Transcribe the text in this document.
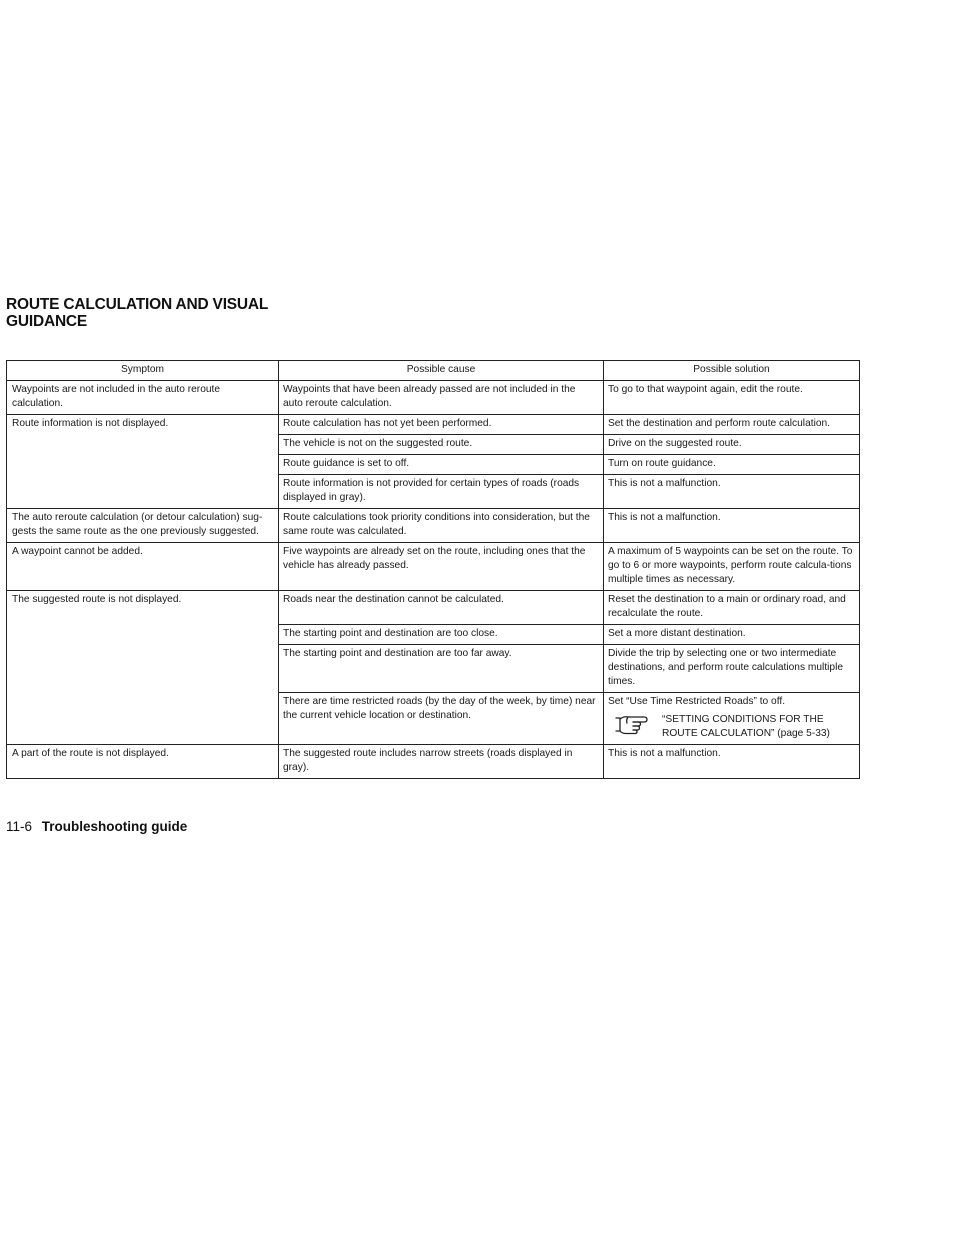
ROUTE CALCULATION AND VISUAL GUIDANCE
Symptom	Possible cause	Possible solution
Waypoints are not included in the auto reroute calculation.	Waypoints that have been already passed are not included in the auto reroute calculation.	To go to that waypoint again, edit the route.
Route information is not displayed.	Route calculation has not yet been performed.	Set the destination and perform route calculation.
	The vehicle is not on the suggested route.	Drive on the suggested route.
	Route guidance is set to off.	Turn on route guidance.
	Route information is not provided for certain types of roads (roads displayed in gray).	This is not a malfunction.
The auto reroute calculation (or detour calculation) sug-gests the same route as the one previously suggested.	Route calculations took priority conditions into consideration, but the same route was calculated.	This is not a malfunction.
A waypoint cannot be added.	Five waypoints are already set on the route, including ones that the vehicle has already passed.	A maximum of 5 waypoints can be set on the route. To go to 6 or more waypoints, perform route calcula-tions multiple times as necessary.
The suggested route is not displayed.	Roads near the destination cannot be calculated.	Reset the destination to a main or ordinary road, and recalculate the route.
	The starting point and destination are too close.	Set a more distant destination.
	The starting point and destination are too far away.	Divide the trip by selecting one or two intermediate destinations, and perform route calculations multiple times.
	There are time restricted roads (by the day of the week, by time) near the current vehicle location or destination.	Set “Use Time Restricted Roads” to off.
“SETTING CONDITIONS FOR THE
ROUTE CALCULATION” (page 5-33)

A part of the route is not displayed.	The suggested route includes narrow streets (roads displayed in gray).	This is not a malfunction.
11-6 Troubleshooting guide
